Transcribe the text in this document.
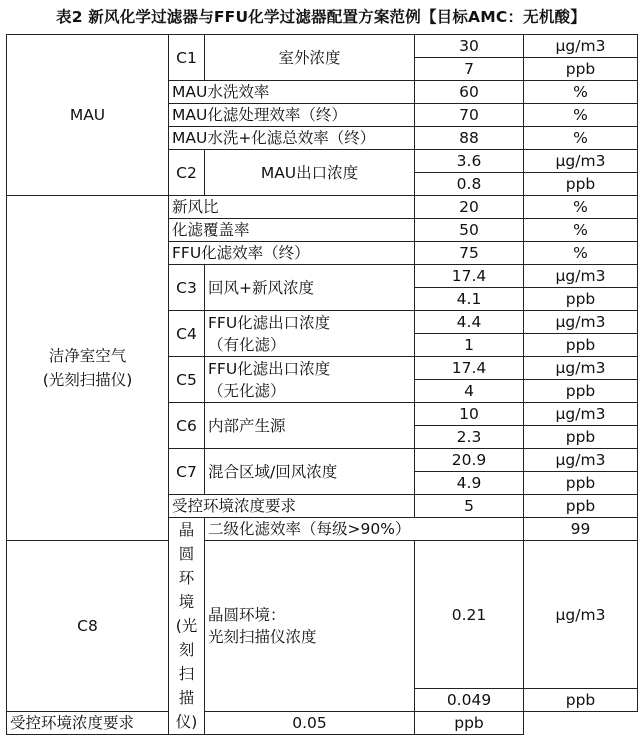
表2 新风化学过滤器与FFU化学过滤器配置方案范例【目标AMC：无机酸】
MAU	C1	室外浓度	30	μg/m3	
			7	ppb	
	MAU水洗效率		60	%	
	MAU化滤处理效率（终）		70	%	
	MAU水洗+化滤总效率（终）		88	%	
	C2	MAU出口浓度	3.6	μg/m3	
			0.8	ppb	
洁净室空气
(光刻扫描仪)	新风比		20	%	
	化滤覆盖率		50	%	
	FFU化滤效率（终）		75	%	
	C3	回风+新风浓度	17.4	μg/m3	
			4.1	ppb	
	C4	FFU化滤出口浓度
（有化滤）	4.4	μg/m3	
			1	ppb	
	C5	FFU化滤出口浓度
（无化滤）	17.4	μg/m3	
			4	ppb	
	C6	内部产生源	10	μg/m3	
			2.3	ppb	
	C7	混合区域/回风浓度	20.9	μg/m3	
			4.9	ppb	
	受控环境浓度要求		5	ppb	
	晶圆环境
(光刻扫描仪)	二级化滤效率（每级>90%）		99	
C8		晶圆环境：
光刻扫描仪浓度	0.21	μg/m3	
			0.049	ppb	
受控环境浓度要求		0.05	ppb		
